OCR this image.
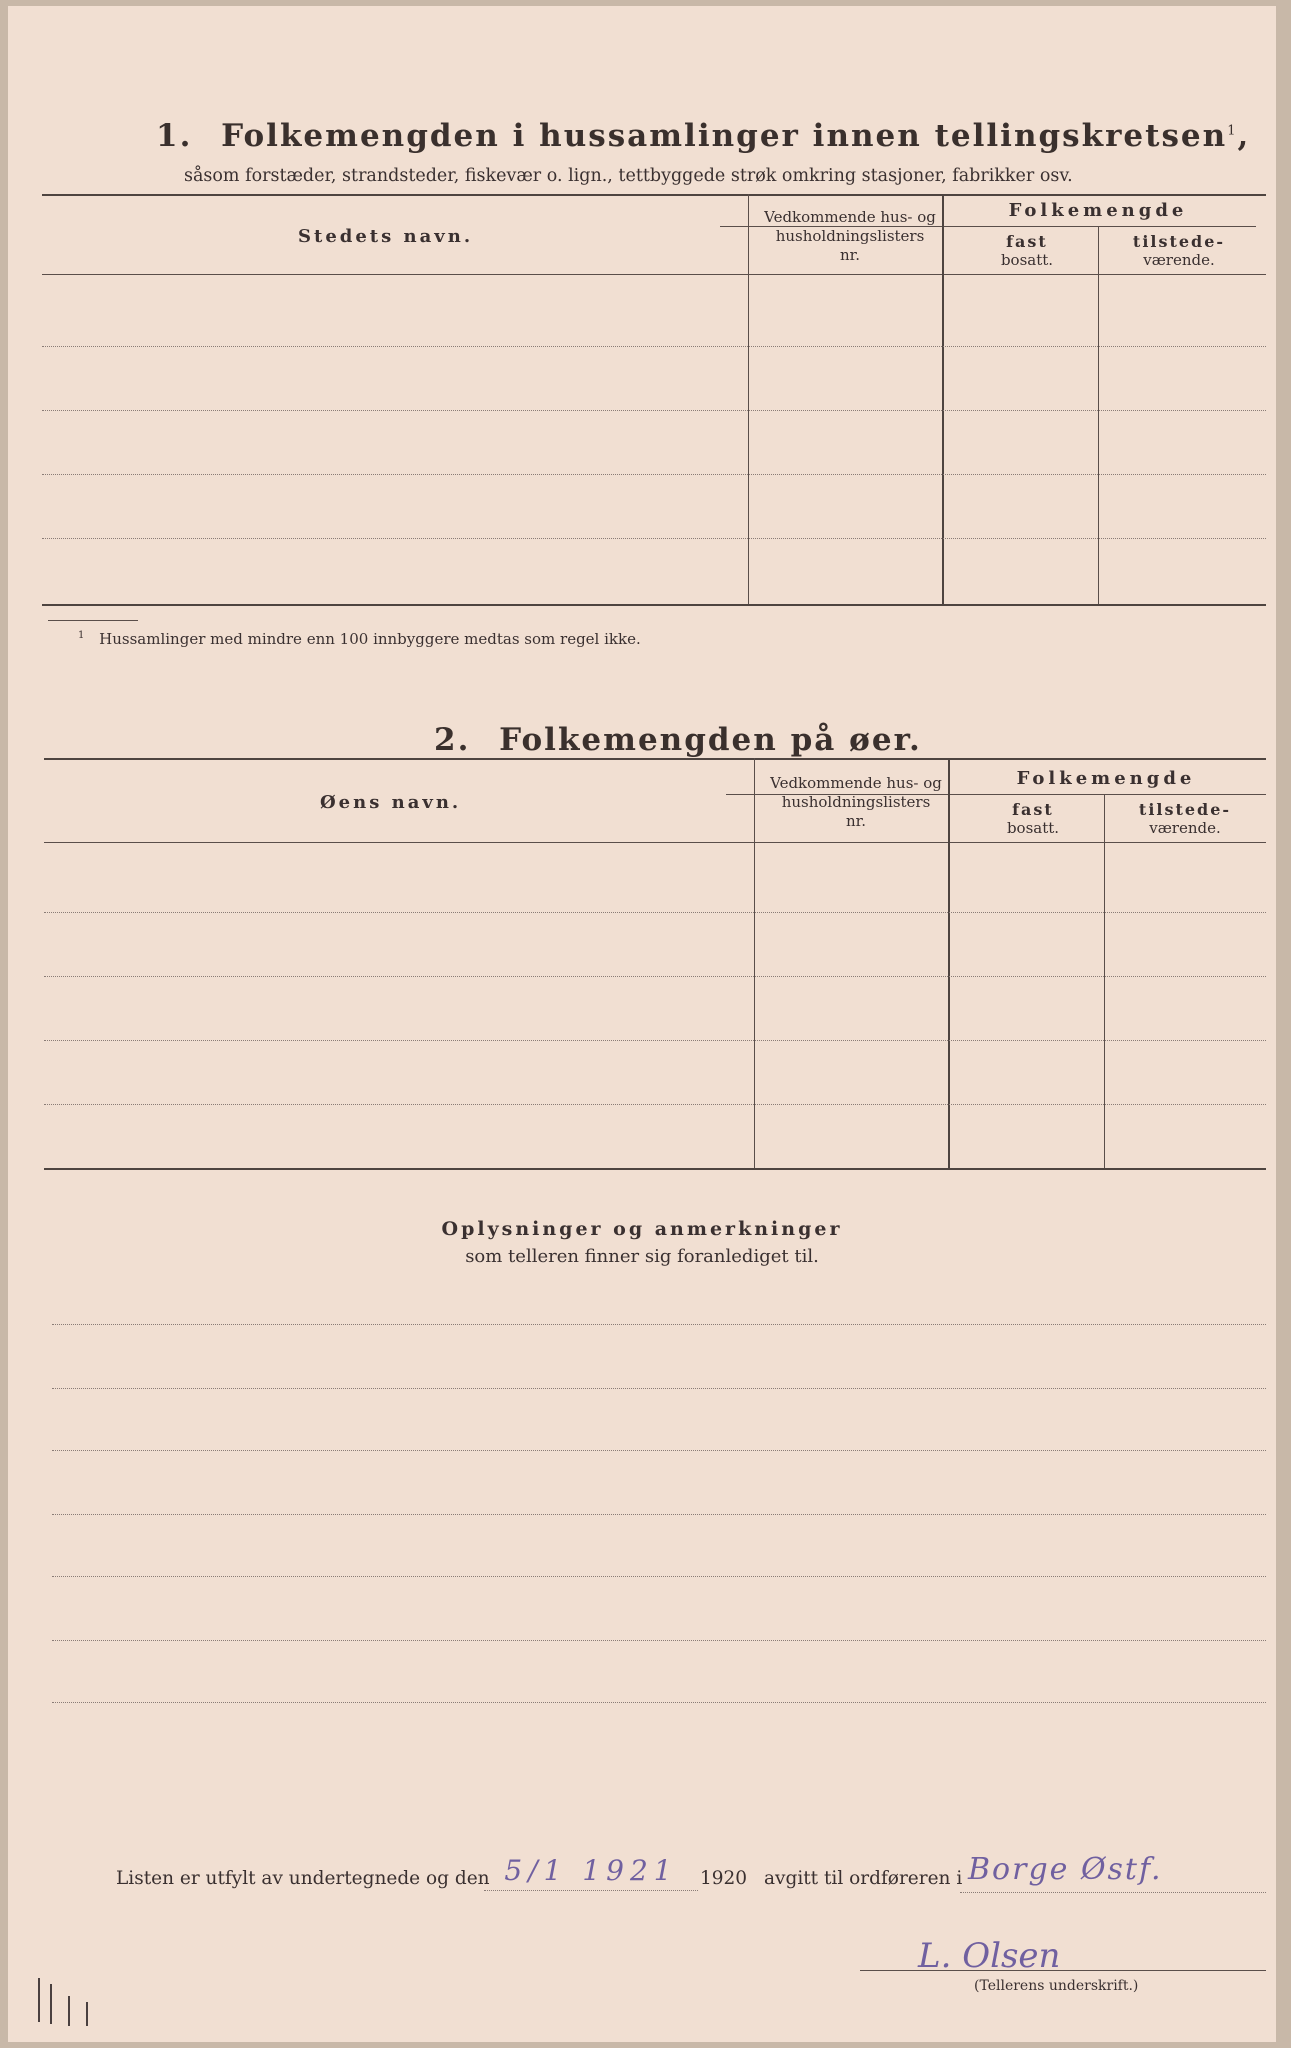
1. Folkemengden i hussamlinger innen tellingskretsen$^1$,
såsom forstæder, strandsteder, fiskevær o. lign., tettbyggede strøk omkring stasjoner, fabrikker osv.
Stedets navn.
Vedkommende hus- og
husholdningslisters
nr.
Folkemengde
fast
bosatt.
tilstede-
værende.
$^1$ Hussamlinger med mindre enn 100 innbyggere medtas som regel ikke.
2. Folkemengden på øer.
Øens navn.
Vedkommende hus- og
husholdningslisters
nr.
Folkemengde
fast
bosatt.
tilstede-
værende.
Oplysninger og anmerkninger
som telleren finner sig foranlediget til.
Listen er utfylt av undertegnede og den 5/1 1921	1920 avgitt til ordføreren i Borge Østf.
L. Olsen
(Tellerens underskrift.)
